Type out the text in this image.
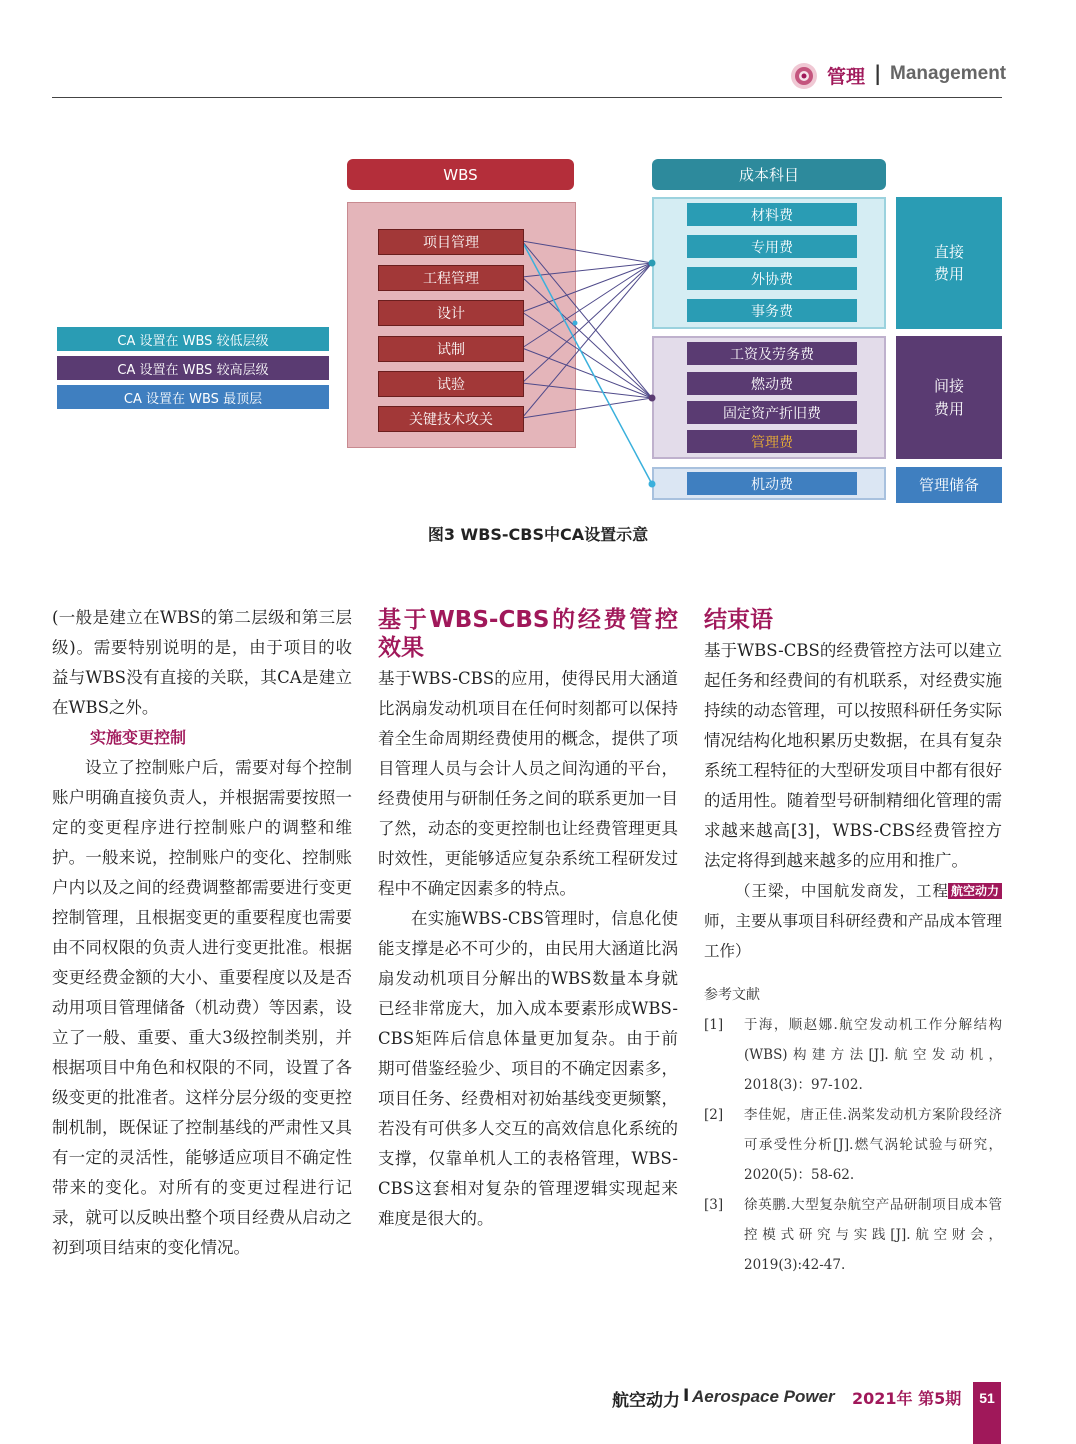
管理 | Management
WBS	成本科目
项目管理
工程管理
设计
试制
试验
关键技术攻关
材料费
专用费
外协费
事务费
工资及劳务费
燃动费
固定资产折旧费
管理费
机动费
直接
费用
间接
费用
管理储备
CA 设置在 WBS 较低层级
CA 设置在 WBS 较高层级
CA 设置在 WBS 最顶层
图3 WBS-CBS中CA设置示意

(一般是建立在WBS的第二层级和第三层级)。需要特别说明的是，由于项目的收益与WBS没有直接的关联，其CA是建立在WBS之外。

实施变更控制

设立了控制账户后，需要对每个控制账户明确直接负责人，并根据需要按照一定的变更程序进行控制账户的调整和维护。一般来说，控制账户的变化、控制账户内以及之间的经费调整都需要进行变更控制管理，且根据变更的重要程度也需要由不同权限的负责人进行变更批准。根据变更经费金额的大小、重要程度以及是否动用项目管理储备（机动费）等因素，设立了一般、重要、重大3级控制类别，并根据项目中角色和权限的不同，设置了各级变更的批准者。这样分层分级的变更控制机制，既保证了控制基线的严肃性又具有一定的灵活性，能够适应项目不确定性带来的变化。对所有的变更过程进行记录，就可以反映出整个项目经费从启动之初到项目结束的变化情况。

基于WBS-CBS的经费管控效果

基于WBS-CBS的应用，使得民用大涵道比涡扇发动机项目在任何时刻都可以保持着全生命周期经费使用的概念，提供了项目管理人员与会计人员之间沟通的平台，经费使用与研制任务之间的联系更加一目了然，动态的变更控制也让经费管理更具时效性，更能够适应复杂系统工程研发过程中不确定因素多的特点。

在实施WBS-CBS管理时，信息化使能支撑是必不可少的，由民用大涵道比涡扇发动机项目分解出的WBS数量本身就已经非常庞大，加入成本要素形成WBS-CBS矩阵后信息体量更加复杂。由于前期可借鉴经验少、项目的不确定因素多，项目任务、经费相对初始基线变更频繁，若没有可供多人交互的高效信息化系统的支撑，仅靠单机人工的表格管理，WBS-CBS这套相对复杂的管理逻辑实现起来难度是很大的。

结束语

基于WBS-CBS的经费管控方法可以建立起任务和经费间的有机联系，对经费实施持续的动态管理，可以按照科研任务实际情况结构化地积累历史数据，在具有复杂系统工程特征的大型研发项目中都有很好的适用性。随着型号研制精细化管理的需求越来越高[3]，WBS-CBS经费管控方法定将得到越来越多的应用和推广。
航空动力

（王梁，中国航发商发，工程师，主要从事项目科研经费和产品成本管理工作）

参考文献

[1] 于海，顺赵娜.航空发动机工作分解结构(WBS)构建方法[J].航空发动机，2018(3)：97-102.
[2] 李佳妮，唐正佳.涡桨发动机方案阶段经济可承受性分析[J].燃气涡轮试验与研究，2020(5)：58-62.
[3] 徐英鹏.大型复杂航空产品研制项目成本管控模式研究与实践[J].航空财会，2019(3):42-47.
航空动力 I Aerospace Power 2021年 第5期	51
